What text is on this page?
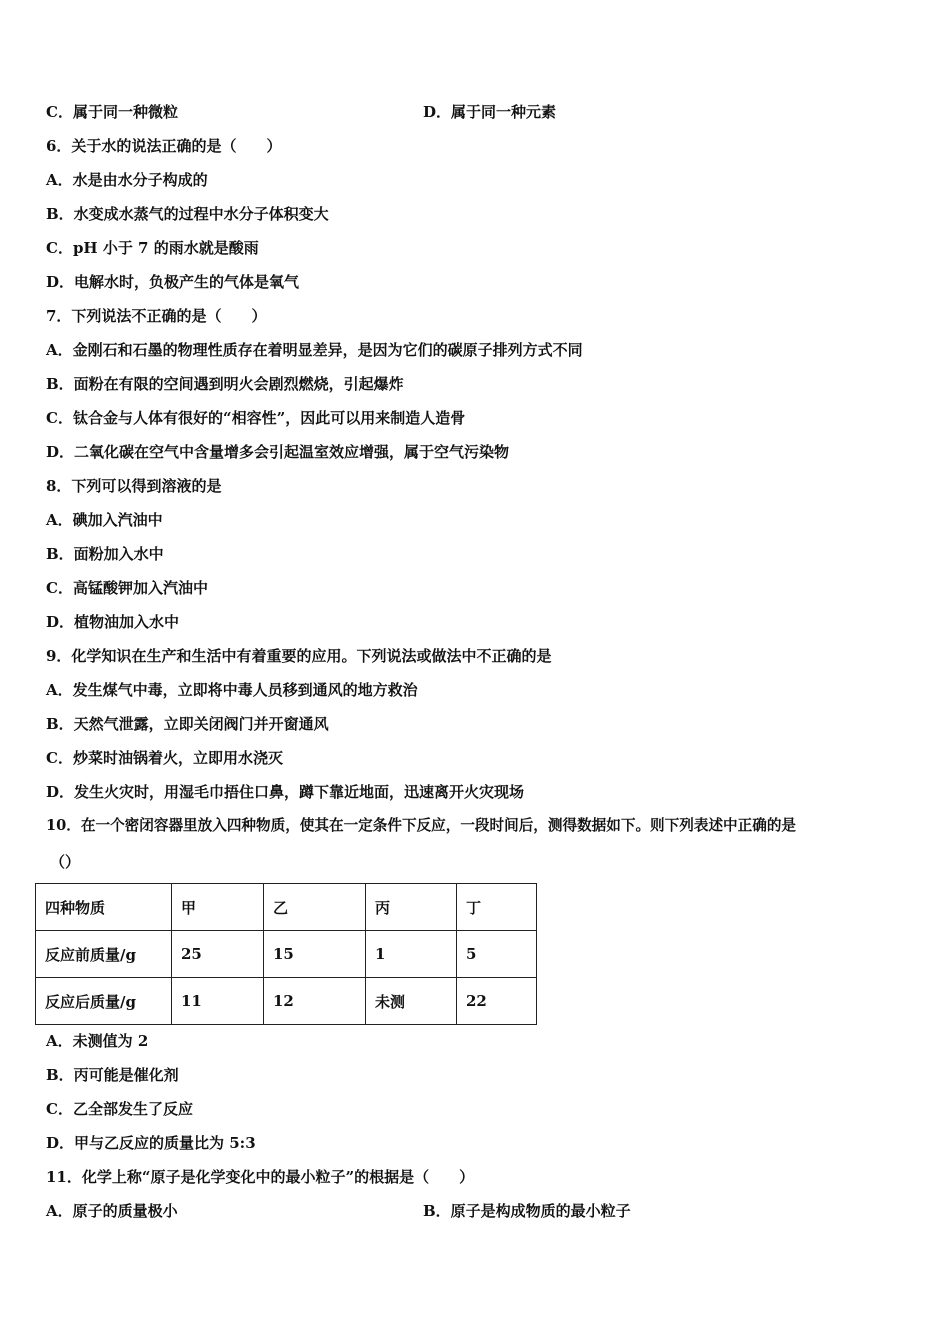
C．属于同一种微粒	D．属于同一种元素
6．关于水的说法正确的是（　　）
A．水是由水分子构成的
B．水变成水蒸气的过程中水分子体积变大
C．pH 小于 7 的雨水就是酸雨
D．电解水时，负极产生的气体是氧气
7．下列说法不正确的是（　　）
A．金刚石和石墨的物理性质存在着明显差异，是因为它们的碳原子排列方式不同
B．面粉在有限的空间遇到明火会剧烈燃烧，引起爆炸
C．钛合金与人体有很好的“相容性”，因此可以用来制造人造骨
D．二氧化碳在空气中含量增多会引起温室效应增强，属于空气污染物
8．下列可以得到溶液的是
A．碘加入汽油中
B．面粉加入水中
C．高锰酸钾加入汽油中
D．植物油加入水中
9．化学知识在生产和生活中有着重要的应用。下列说法或做法中不正确的是
A．发生煤气中毒，立即将中毒人员移到通风的地方救治
B．天然气泄露，立即关闭阀门并开窗通风
C．炒菜时油锅着火，立即用水浇灭
D．发生火灾时，用湿毛巾捂住口鼻，蹲下靠近地面，迅速离开火灾现场
10．在一个密闭容器里放入四种物质，使其在一定条件下反应，一段时间后，测得数据如下。则下列表述中正确的是
（）
四种物质	甲	乙	丙	丁
反应前质量/g	25	15	1	5
反应后质量/g	11	12	未测	22
A．未测值为 2
B．丙可能是催化剂
C．乙全部发生了反应
D．甲与乙反应的质量比为 5:3
11．化学上称“原子是化学变化中的最小粒子”的根据是（　　）
A．原子的质量极小	B．原子是构成物质的最小粒子
